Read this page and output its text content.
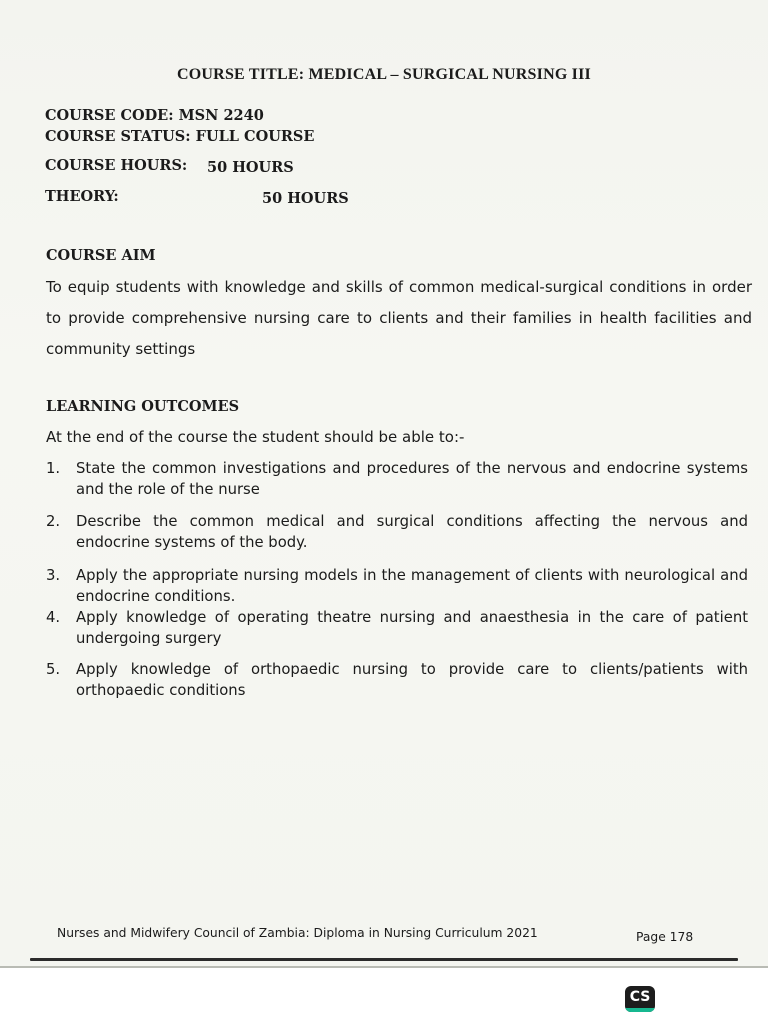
COURSE TITLE: MEDICAL – SURGICAL NURSING III
COURSE CODE: MSN 2240
COURSE STATUS: FULL COURSE
COURSE HOURS: 50 HOURS
THEORY:	50 HOURS
COURSE AIM
To equip students with knowledge and skills of common medical-surgical conditions in order to provide comprehensive nursing care to clients and their families in health facilities and community settings
LEARNING OUTCOMES
At the end of the course the student should be able to:-
1.	State the common investigations and procedures of the nervous and endocrine systems and the role of the nurse
2.	Describe the common medical and surgical conditions affecting the nervous and endocrine systems of the body.
3.	Apply the appropriate nursing models in the management of clients with neurological and endocrine conditions.
4.	Apply knowledge of operating theatre nursing and anaesthesia in the care of patient undergoing surgery
5.	Apply knowledge of orthopaedic nursing to provide care to clients/patients with orthopaedic conditions
Nurses and Midwifery Council of Zambia: Diploma in Nursing Curriculum 2021	Page 178
CS
